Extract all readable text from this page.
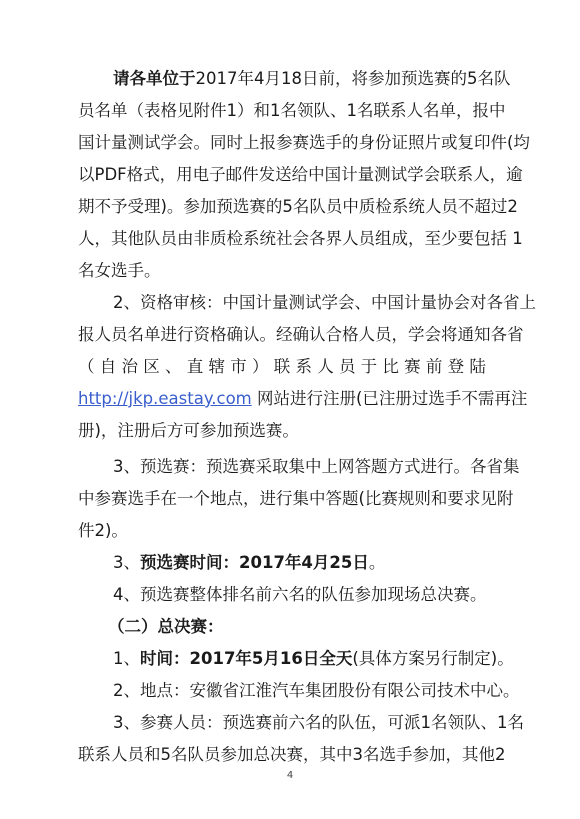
请各单位于2017年4月18日前，将参加预选赛的5名队
员名单（表格见附件1）和1名领队、1名联系人名单，报中
国计量测试学会。同时上报参赛选手的身份证照片或复印件(均
以PDF格式，用电子邮件发送给中国计量测试学会联系人，逾
期不予受理)。参加预选赛的5名队员中质检系统人员不超过2
人，其他队员由非质检系统社会各界人员组成，至少要包括 1
名女选手。
2、资格审核：中国计量测试学会、中国计量协会对各省上
报人员名单进行资格确认。经确认合格人员，学会将通知各省
（ 自 治 区 、 直 辖 市 ） 联 系 人 员 于 比 赛 前 登 陆
http://jkp.eastay.com 网站进行注册(已注册过选手不需再注
册)，注册后方可参加预选赛。
3、预选赛：预选赛采取集中上网答题方式进行。各省集
中参赛选手在一个地点，进行集中答题(比赛规则和要求见附
件2)。
3、预选赛时间：2017年4月25日。
4、预选赛整体排名前六名的队伍参加现场总决赛。
（二）总决赛：
1、时间：2017年5月16日全天(具体方案另行制定)。
2、地点：安徽省江淮汽车集团股份有限公司技术中心。
3、参赛人员：预选赛前六名的队伍，可派1名领队、1名
联系人员和5名队员参加总决赛，其中3名选手参加，其他2
4
